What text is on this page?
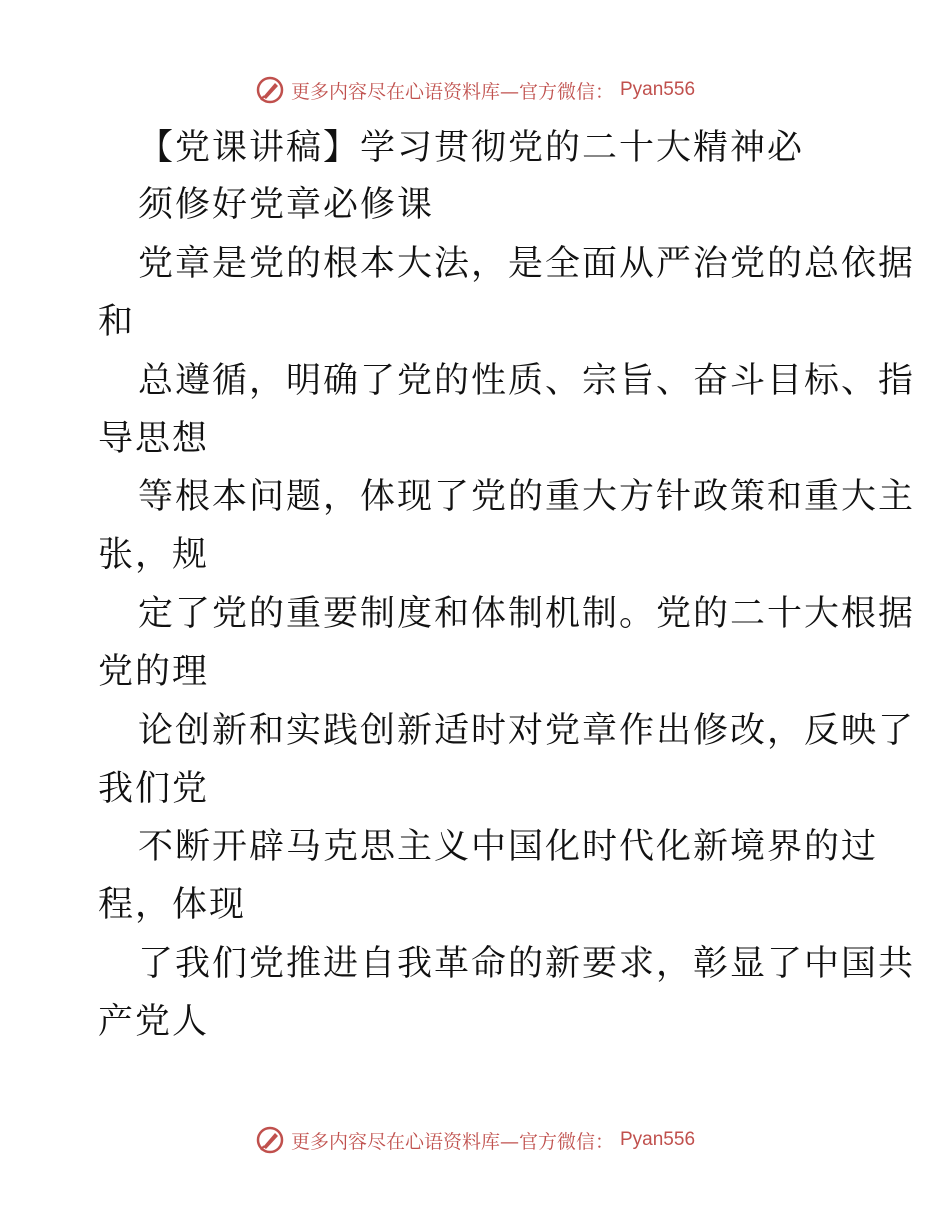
更多内容尽在心语资料库—官方微信： Pyan556
【党课讲稿】学习贯彻党的二十大精神必
须修好党章必修课
党章是党的根本大法，是全面从严治党的总依据
和
总遵循，明确了党的性质、宗旨、奋斗目标、指
导思想
等根本问题，体现了党的重大方针政策和重大主
张，规
定了党的重要制度和体制机制。党的二十大根据
党的理
论创新和实践创新适时对党章作出修改，反映了
我们党
不断开辟马克思主义中国化时代化新境界的过
程，体现
了我们党推进自我革命的新要求，彰显了中国共
产党人
更多内容尽在心语资料库—官方微信： Pyan556
